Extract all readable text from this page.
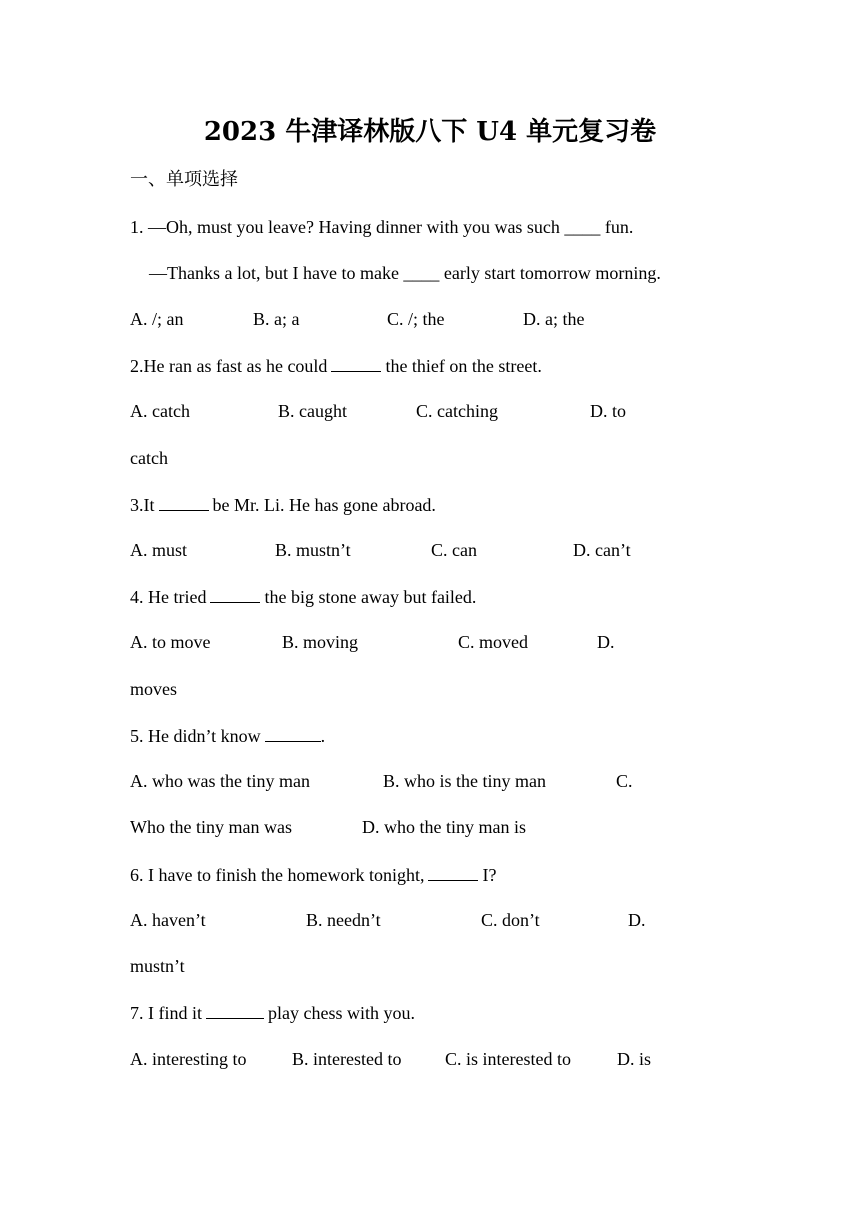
2023 牛津译林版八下 U4 单元复习卷
一、单项选择
1. —Oh, must you leave? Having dinner with you was such ____ fun.
—Thanks a lot, but I have to make ____ early start tomorrow morning.
A. /; an	B. a; a	C. /; the	D. a; the
2.He ran as fast as he could	the thief on the street.
A. catch	B. caught	C. catching	D. to
catch
3.It	be Mr. Li. He has gone abroad.
A. must	B. mustn’t	C. can	D. can’t
4. He tried	the big stone away but failed.
A. to move	B. moving	C. moved	D.
moves
5. He didn’t know	.
A. who was the tiny man	B. who is the tiny man	C.
Who the tiny man was	D. who the tiny man is
6. I have to finish the homework tonight,	I?
A. haven’t	B. needn’t	C. don’t	D.
mustn’t
7. I find it	play chess with you.
A. interesting to	B. interested to C. is interested to	D. is
